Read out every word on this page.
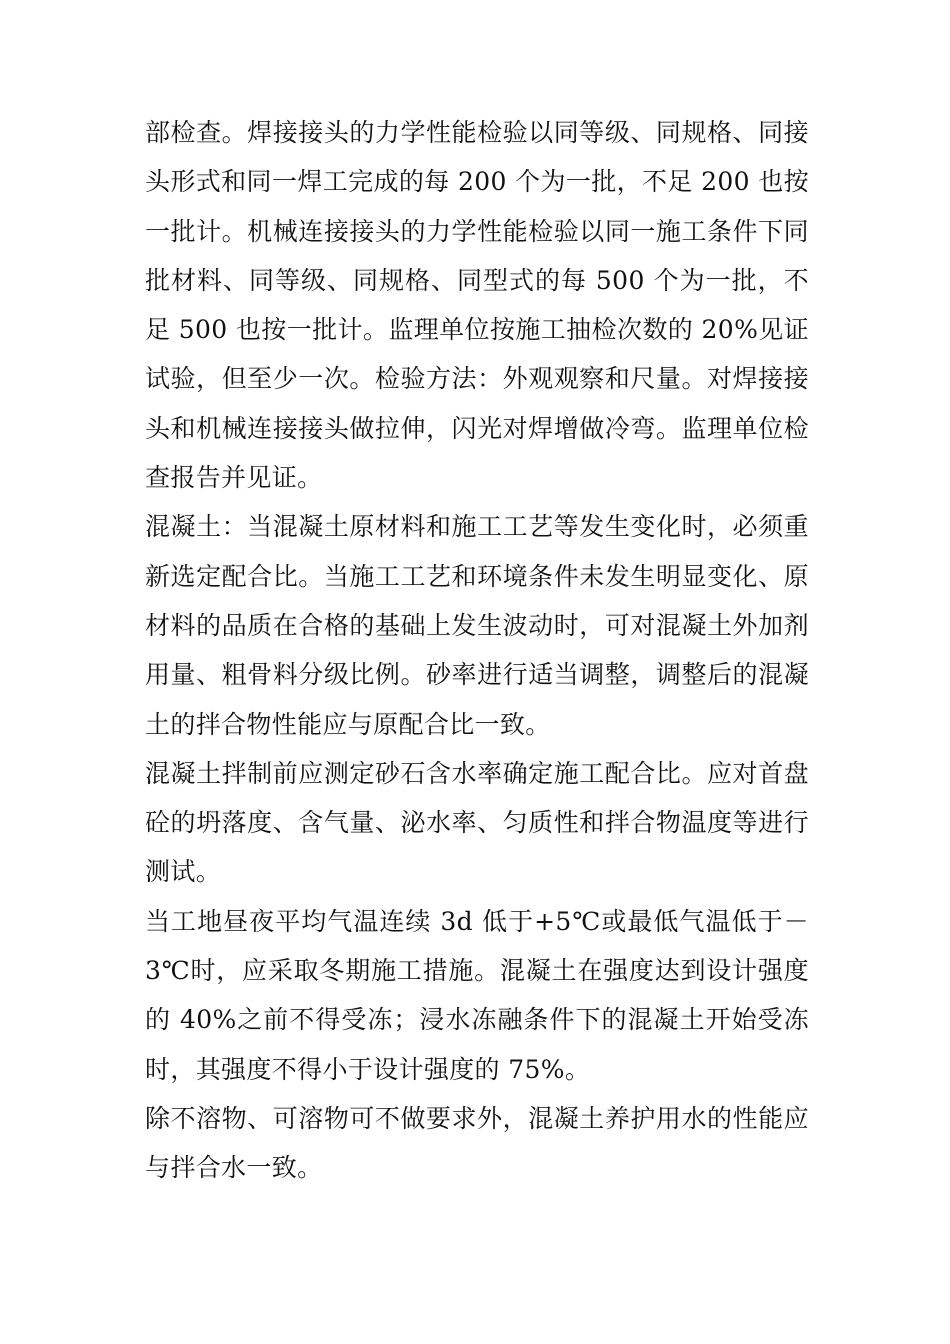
部检查。焊接接头的力学性能检验以同等级、同规格、同接头形式和同一焊工完成的每 200 个为一批，不足 200 也按一批计。机械连接接头的力学性能检验以同一施工条件下同批材料、同等级、同规格、同型式的每 500 个为一批，不足 500 也按一批计。监理单位按施工抽检次数的 20%见证试验，但至少一次。检验方法：外观观察和尺量。对焊接接头和机械连接接头做拉伸，闪光对焊增做冷弯。监理单位检查报告并见证。

混凝土：当混凝土原材料和施工工艺等发生变化时，必须重新选定配合比。当施工工艺和环境条件未发生明显变化、原材料的品质在合格的基础上发生波动时，可对混凝土外加剂用量、粗骨料分级比例。砂率进行适当调整，调整后的混凝土的拌合物性能应与原配合比一致。

混凝土拌制前应测定砂石含水率确定施工配合比。应对首盘砼的坍落度、含气量、泌水率、匀质性和拌合物温度等进行测试。

当工地昼夜平均气温连续 3d 低于+5℃或最低气温低于－3℃时，应采取冬期施工措施。混凝土在强度达到设计强度的 40%之前不得受冻；浸水冻融条件下的混凝土开始受冻时，其强度不得小于设计强度的 75%。

除不溶物、可溶物可不做要求外，混凝土养护用水的性能应与拌合水一致。
